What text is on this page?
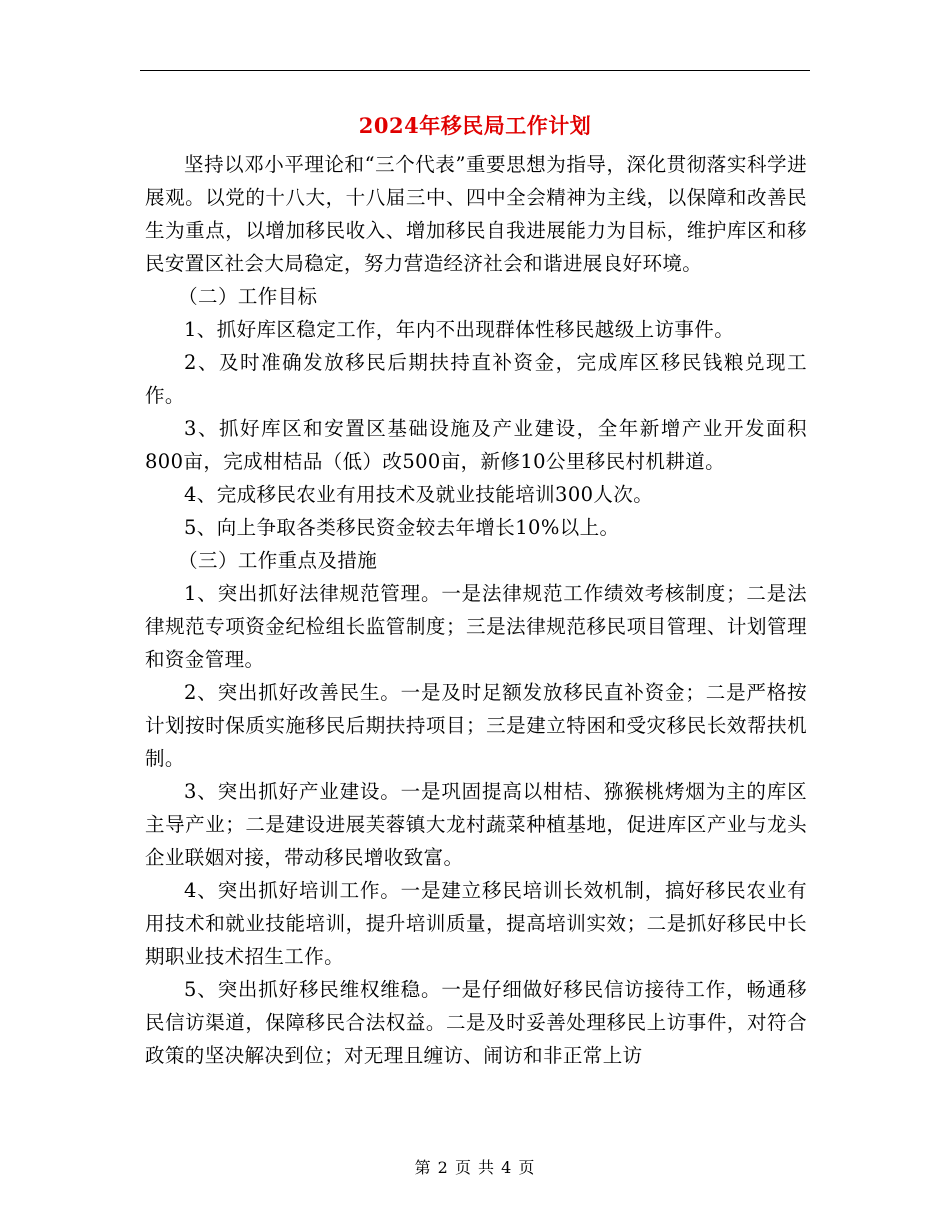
2024年移民局工作计划

坚持以邓小平理论和“三个代表”重要思想为指导，深化贯彻落实科学进展观。以党的十八大，十八届三中、四中全会精神为主线，以保障和改善民生为重点，以增加移民收入、增加移民自我进展能力为目标，维护库区和移民安置区社会大局稳定，努力营造经济社会和谐进展良好环境。

（二）工作目标

1、抓好库区稳定工作，年内不出现群体性移民越级上访事件。

2、及时准确发放移民后期扶持直补资金，完成库区移民钱粮兑现工作。

3、抓好库区和安置区基础设施及产业建设，全年新增产业开发面积 800亩，完成柑桔品（低）改500亩，新修10公里移民村机耕道。

4、完成移民农业有用技术及就业技能培训300人次。

5、向上争取各类移民资金较去年增长10%以上。

（三）工作重点及措施

1、突出抓好法律规范管理。一是法律规范工作绩效考核制度；二是法律规范专项资金纪检组长监管制度；三是法律规范移民项目管理、计划管理和资金管理。

2、突出抓好改善民生。一是及时足额发放移民直补资金；二是严格按计划按时保质实施移民后期扶持项目；三是建立特困和受灾移民长效帮扶机制。

3、突出抓好产业建设。一是巩固提高以柑桔、猕猴桃烤烟为主的库区主导产业；二是建设进展芙蓉镇大龙村蔬菜种植基地，促进库区产业与龙头企业联姻对接，带动移民增收致富。

4、突出抓好培训工作。一是建立移民培训长效机制，搞好移民农业有用技术和就业技能培训，提升培训质量，提高培训实效；二是抓好移民中长期职业技术招生工作。

5、突出抓好移民维权维稳。一是仔细做好移民信访接待工作，畅通移民信访渠道，保障移民合法权益。二是及时妥善处理移民上访事件，对符合政策的坚决解决到位；对无理且缠访、闹访和非正常上访

第 2 页 共 4 页
